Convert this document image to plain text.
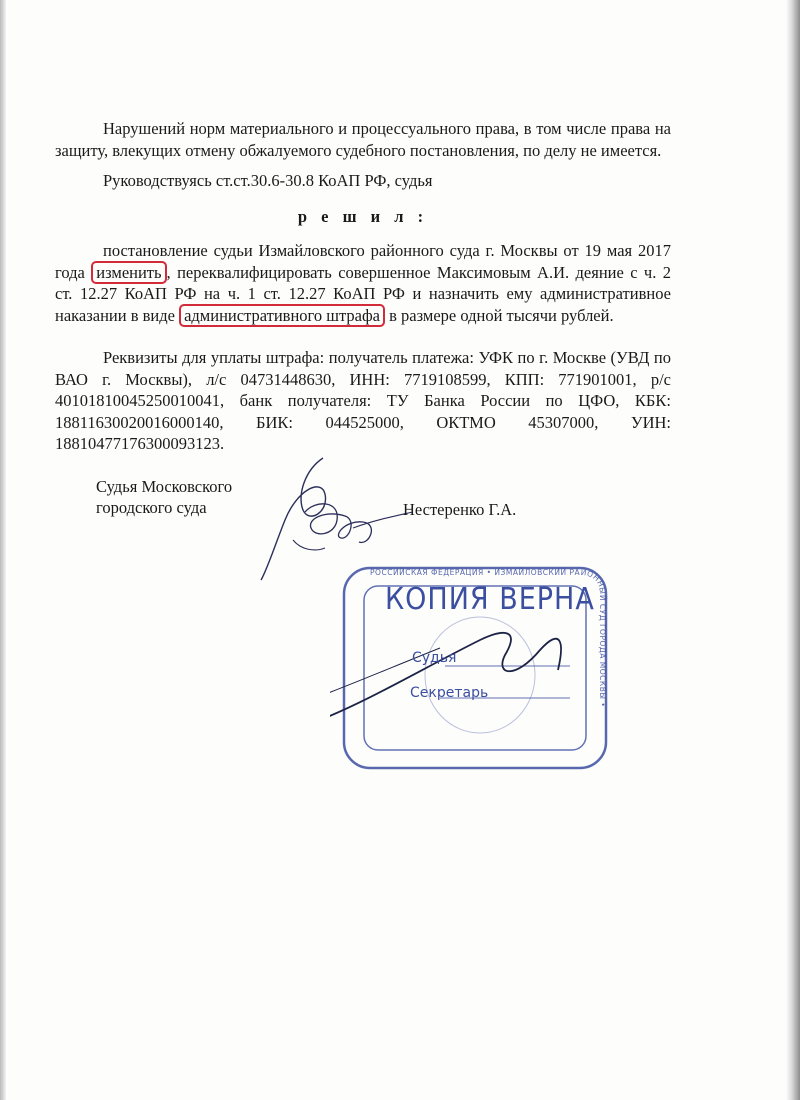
Нарушений норм материального и процессуального права, в том числе права на защиту, влекущих отмену обжалуемого судебного постановления, по делу не имеется.

Руководствуясь ст.ст.30.6-30.8 КоАП РФ, судья

р е ш и л :

постановление судьи Измайловского районного суда г. Москвы от 19 мая 2017 года изменить , переквалифицировать совершенное Максимовым А.И. деяние с ч. 2 ст. 12.27 КоАП РФ на ч. 1 ст. 12.27 КоАП РФ и назначить ему административное наказании в виде административного штрафа в размере одной тысячи рублей.

Реквизиты для уплаты штрафа: получатель платежа: УФК по г. Москве (УВД по ВАО г. Москвы), л/с 04731448630, ИНН: 7719108599, КПП: 771901001, р/с 40101810045250010041, банк получателя: ТУ Банка России по ЦФО, КБК: 18811630020016000140, БИК: 044525000, ОКТМО 45307000, УИН: 18810477176300093123.

Судья Московского
городского суда	Нестеренко Г.А.
РОССИЙСКАЯ ФЕДЕРАЦИЯ • ИЗМАЙЛОВСКИЙ РАЙОННЫЙ СУД ГОРОДА МОСКВЫ •
КОПИЯ ВЕРНА
Судья
Секретарь
